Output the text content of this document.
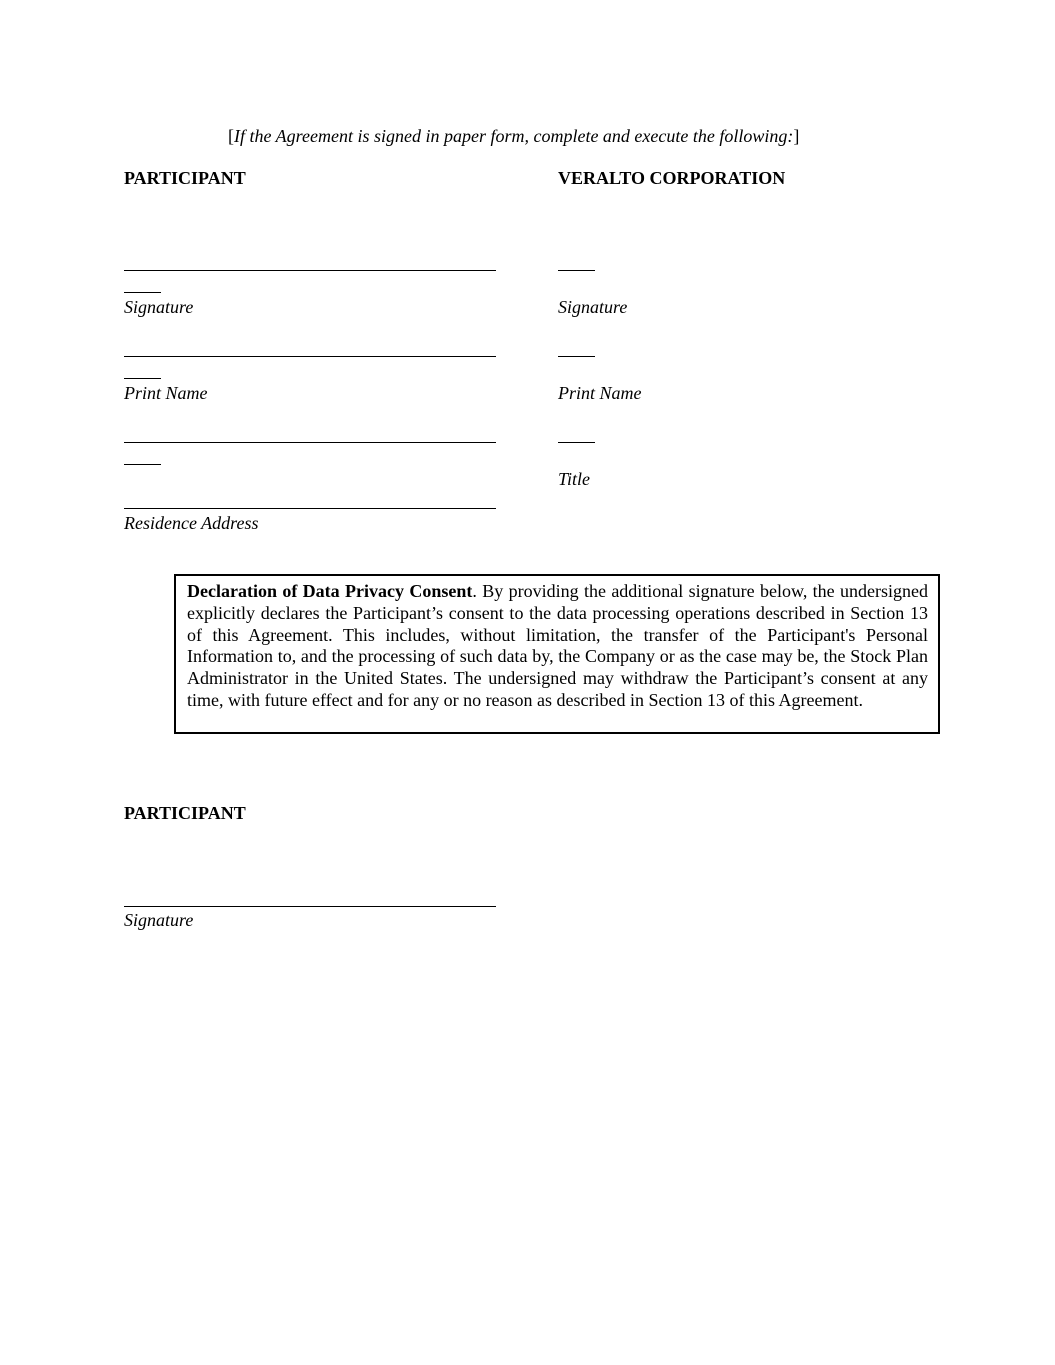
[If the Agreement is signed in paper form, complete and execute the following:]
PARTICIPANT
Signature
Print Name
Residence Address
VERALTO CORPORATION
Signature
Print Name
Title

Declaration of Data Privacy Consent. By providing the additional signature below, the undersigned explicitly declares the Participant’s consent to the data processing operations described in Section 13 of this Agreement. This includes, without limitation, the transfer of the Participant's Personal Information to, and the processing of such data by, the Company or as the case may be, the Stock Plan Administrator in the United States. The undersigned may withdraw the Participant’s consent at any time, with future effect and for any or no reason as described in Section 13 of this Agreement.

PARTICIPANT
Signature
